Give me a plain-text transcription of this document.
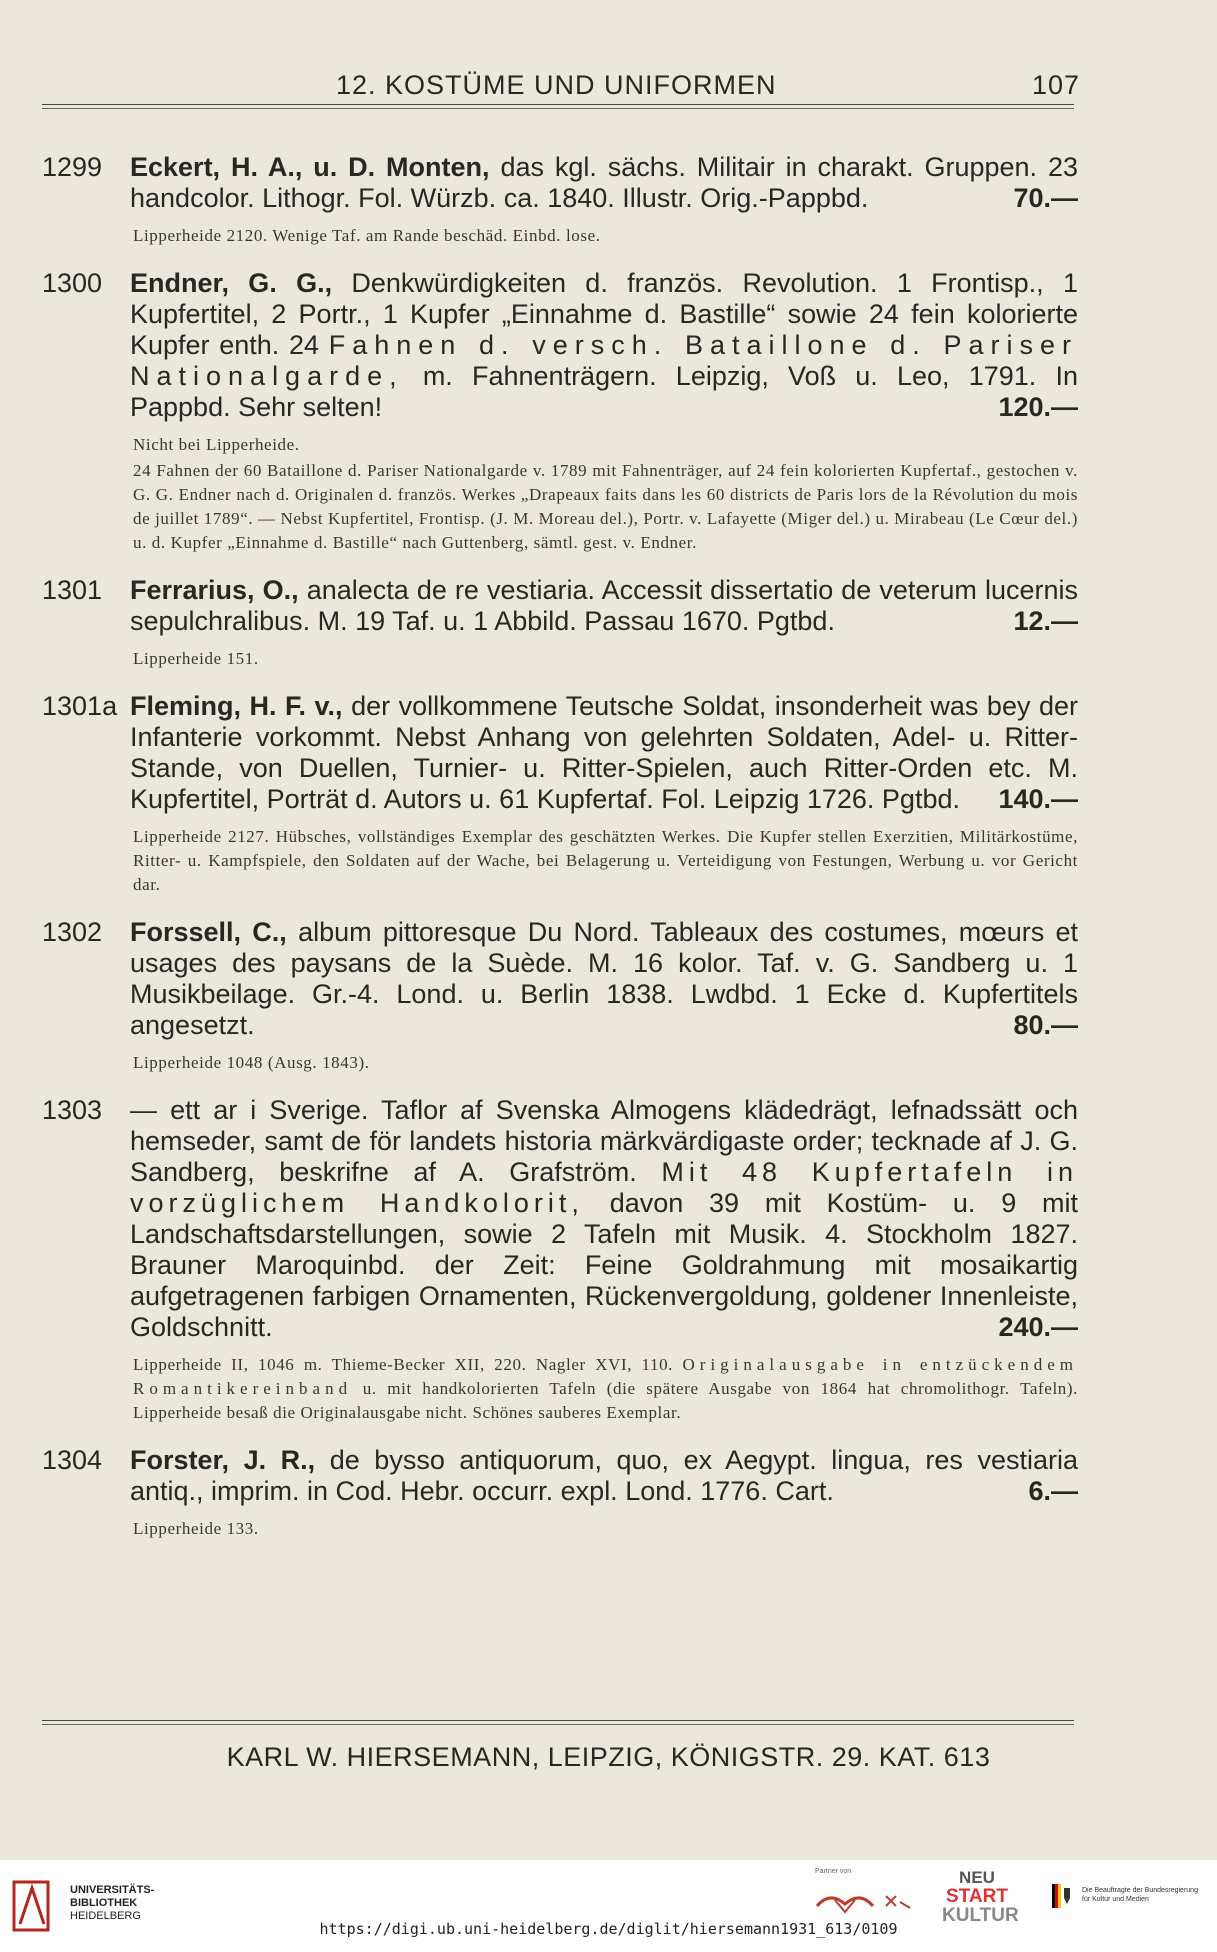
12. KOSTÜME UND UNIFORMEN	107
1299 Eckert, H. A., u. D. Monten, das kgl. sächs. Militair in charakt. Gruppen. 23 handcolor. Lithogr. Fol. Würzb. ca. 1840. Illustr. Orig.-Pappbd.	70.—
Lipperheide 2120. Wenige Taf. am Rande beschäd. Einbd. lose.
1300 Endner, G. G., Denkwürdigkeiten d. französ. Revolution. 1 Frontisp., 1 Kupfertitel, 2 Portr., 1 Kupfer „Einnahme d. Bastille“ sowie 24 fein kolorierte Kupfer enth. 24 Fahnen d. versch. Bataillone d. Pariser Nationalgarde, m. Fahnenträgern. Leipzig, Voß u. Leo, 1791. In Pappbd. Sehr selten!	120.—
Nicht bei Lipperheide.
24 Fahnen der 60 Bataillone d. Pariser Nationalgarde v. 1789 mit Fahnenträger, auf 24 fein kolorierten Kupfertaf., gestochen v. G. G. Endner nach d. Originalen d. französ. Werkes „Drapeaux faits dans les 60 districts de Paris lors de la Révolution du mois de juillet 1789“. — Nebst Kupfertitel, Frontisp. (J. M. Moreau del.), Portr. v. Lafayette (Miger del.) u. Mirabeau (Le Cœur del.) u. d. Kupfer „Einnahme d. Bastille“ nach Guttenberg, sämtl. gest. v. Endner.
1301 Ferrarius, O., analecta de re vestiaria. Accessit dissertatio de veterum lucernis sepulchralibus. M. 19 Taf. u. 1 Abbild. Passau 1670. Pgtbd.	12.—
Lipperheide 151.
1301a Fleming, H. F. v., der vollkommene Teutsche Soldat, insonderheit was bey der Infanterie vorkommt. Nebst Anhang von gelehrten Soldaten, Adel- u. Ritter-Stande, von Duellen, Turnier- u. Ritter-Spielen, auch Ritter-Orden etc. M. Kupfertitel, Porträt d. Autors u. 61 Kupfertaf. Fol. Leipzig 1726. Pgtbd. 140.—
Lipperheide 2127. Hübsches, vollständiges Exemplar des geschätzten Werkes. Die Kupfer stellen Exerzitien, Militärkostüme, Ritter- u. Kampfspiele, den Soldaten auf der Wache, bei Belagerung u. Verteidigung von Festungen, Werbung u. vor Gericht dar.
1302 Forssell, C., album pittoresque Du Nord. Tableaux des costumes, mœurs et usages des paysans de la Suède. M. 16 kolor. Taf. v. G. Sandberg u. 1 Musikbeilage. Gr.-4. Lond. u. Berlin 1838. Lwdbd. 1 Ecke d. Kupfertitels angesetzt.	80.—
Lipperheide 1048 (Ausg. 1843).
1303 — ett ar i Sverige. Taflor af Svenska Almogens klädedrägt, lefnadssätt och hemseder, samt de för landets historia märkvärdigaste order; tecknade af J. G. Sandberg, beskrifne af A. Grafström. Mit 48 Kupfertafeln in vorzüglichem Handkolorit, davon 39 mit Kostüm- u. 9 mit Landschaftsdarstellungen, sowie 2 Tafeln mit Musik. 4. Stockholm 1827. Brauner Maroquinbd. der Zeit: Feine Goldrahmung mit mosaikartig aufgetragenen farbigen Ornamenten, Rückenvergoldung, goldener Innenleiste, Goldschnitt.	240.—
Lipperheide II, 1046 m. Thieme-Becker XII, 220. Nagler XVI, 110. Originalausgabe in entzückendem Romantikereinband u. mit handkolorierten Tafeln (die spätere Ausgabe von 1864 hat chromolithogr. Tafeln). Lipperheide besaß die Originalausgabe nicht. Schönes sauberes Exemplar.
1304 Forster, J. R., de bysso antiquorum, quo, ex Aegypt. lingua, res vestiaria antiq., imprim. in Cod. Hebr. occurr. expl. Lond. 1776. Cart.	6.—
Lipperheide 133.
KARL W. HIERSEMANN, LEIPZIG, KÖNIGSTR. 29. KAT. 613
UNIVERSITÄTS-
BIBLIOTHEK
HEIDELBERG
Partner von	NEU
START
KULTUR
Die Beauftragte der Bundesregierung
für Kultur und Medien
https://digi.ub.uni-heidelberg.de/diglit/hiersemann1931_613/0109
